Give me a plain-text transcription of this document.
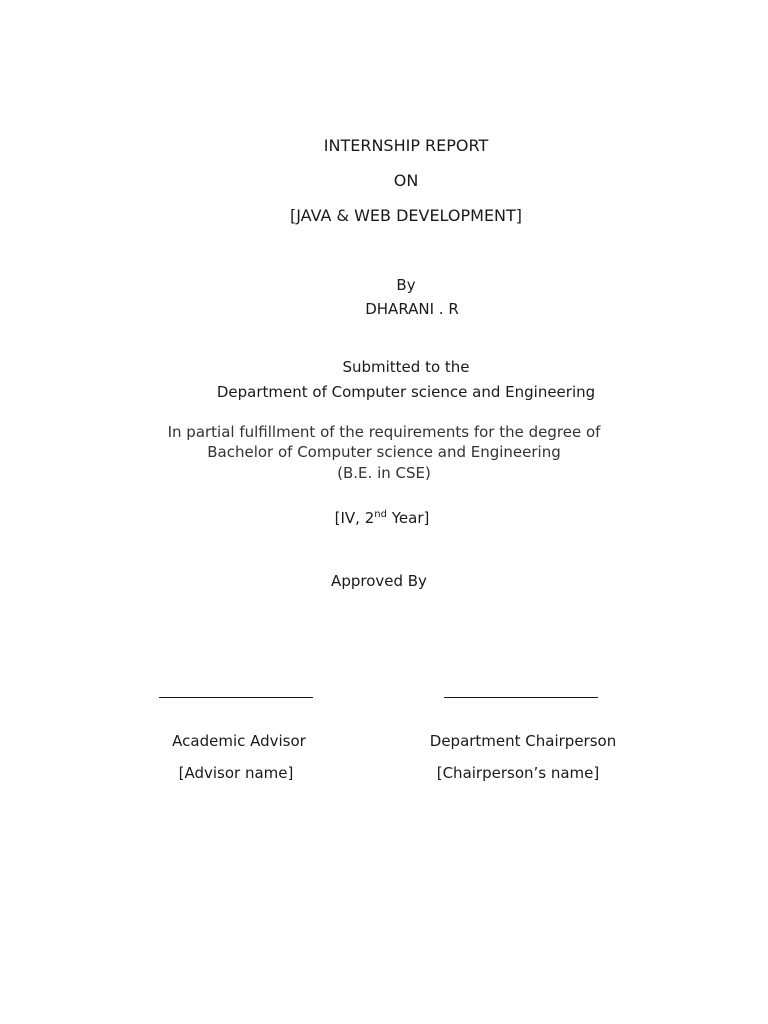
INTERNSHIP REPORT
ON
[JAVA & WEB DEVELOPMENT]
By
DHARANI . R
Submitted to the
Department of Computer science and Engineering
In partial fulfillment of the requirements for the degree of
Bachelor of Computer science and Engineering
(B.E. in CSE)
[IV, 2nd Year]
Approved By
Academic Advisor
[Advisor name]
Department Chairperson
[Chairperson’s name]
